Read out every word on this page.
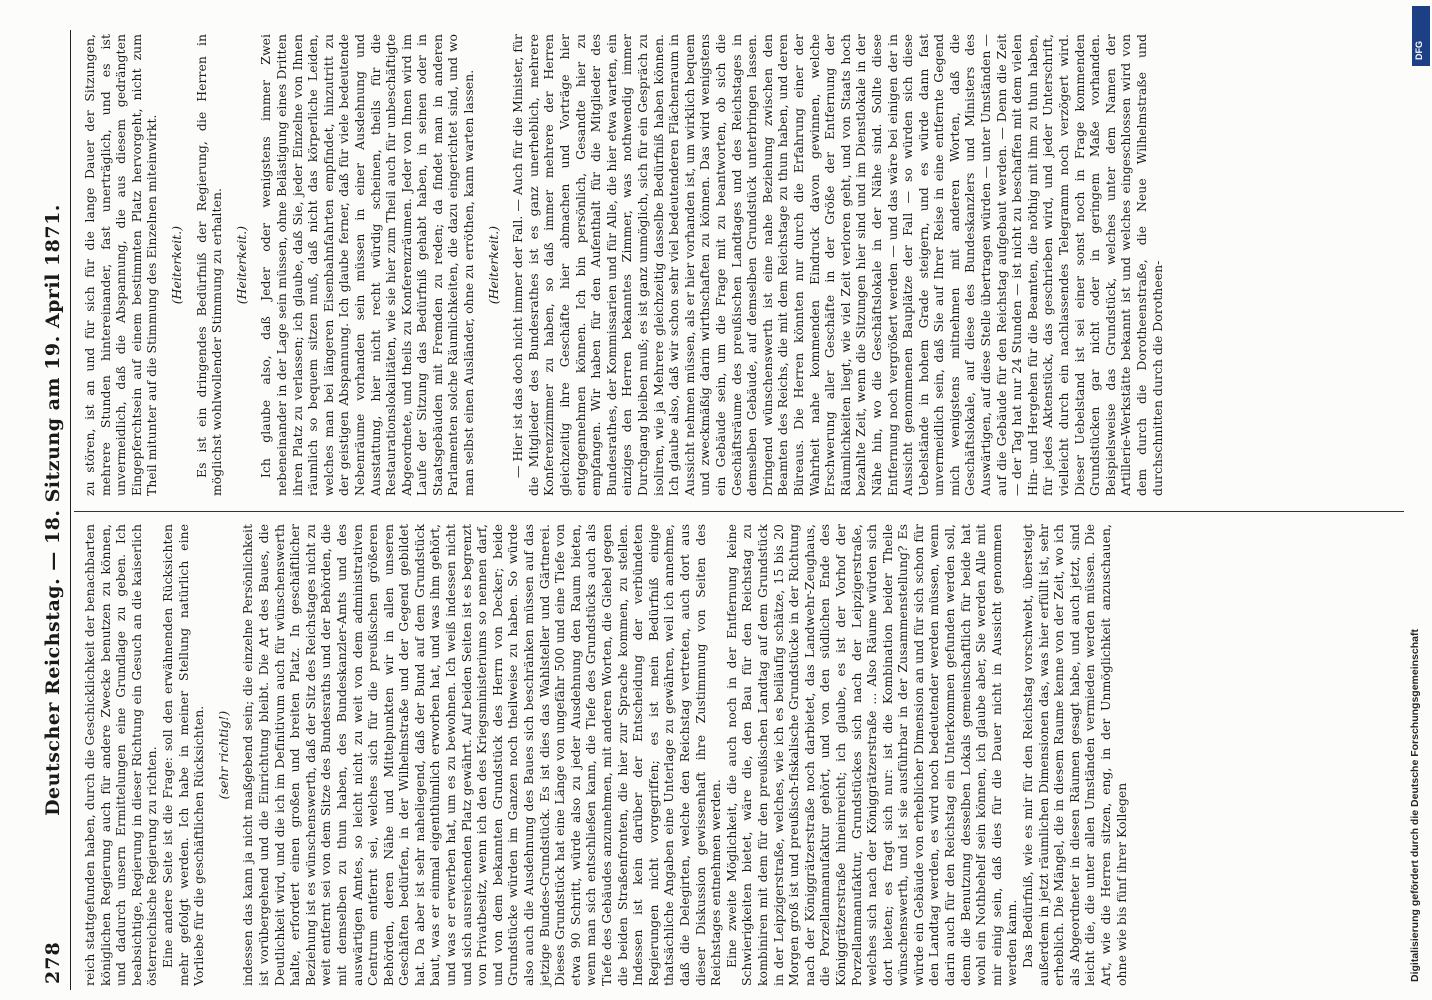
278
Deutscher Reichstag. — 18. Sitzung am 19. April 1871. reich stattgefunden haben, durch die Geschicklichkeit der benachbarten königlichen Regierung auch für andere Zwecke benutzen zu können, und dadurch unsern Ermittelungen eine Grundlage zu geben. Ich beabsichtige, Regierung in dieser Richtung ein Gesuch an die kaiserlich österreichische Regierung zu richten. Eine andere Seite ist die Frage: soll den erwähnenden Rücksichten mehr gefolgt werden. Ich habe in meiner Stellung natürlich eine Vorliebe für die geschäftlichen Rücksichten. (sehr richtig!) indessen das kann ja nicht maßgebend sein; die einzelne Persönlichkeit ist vorübergehend und die Einrichtung bleibt. Die Art des Baues, die Deutlichkeit wird, und die ich im Definitivum auch für wünschenswerth halte, erfordert einen großen und breiten Platz. In geschäftlicher Beziehung ist es wünschenswerth, daß der Sitz des Reichstages nicht zu weit entfernt sei von dem Sitze des Bundesraths und der Behörden, die mit demselben zu thun haben, des Bundeskanzler-Amts und des auswärtigen Amtes, so leicht nicht zu weit von dem administrativen Centrum entfernt sei, welches sich für die preußischen größeren Behörden, deren Nähe und Mittelpunkten wir in allen unseren Geschäften bedürfen, in der Wilhelmstraße und der Gegend gebildet hat. Da aber ist sehr naheliegend, daß der Bund auf dem Grundstück baut, was er einmal eigenthümlich erworben hat, und was ihm gehört, und was er erwerben hat, um es zu bewohnen. Ich weiß indessen nicht und sich ausreichenden Platz gewährt. Auf beiden Seiten ist es begrenzt von Privatbesitz, wenn ich den des Kriegsministeriums so nennen darf, und von dem bekannten Grundstück des Herrn von Decker; beide Grundstücke würden im Ganzen noch theilweise zu haben. So würde also auch die Ausdehnung des Baues sich beschränken müssen auf das jetzige Bundes-Grundstück. Es ist dies das Wahlsteller und Gärtnerei. Dieses Grundstück hat eine Länge von ungefähr 500 und eine Tiefe von etwa 90 Schritt, würde also zu jeder Ausdehnung den Raum bieten, wenn man sich entschließen kann, die Tiefe des Grundstücks auch als Tiefe des Gebäudes anzunehmen, mit anderen Worten, die Giebel gegen die beiden Straßenfronten, die hier zur Sprache kommen, zu stellen. Indessen ist kein darüber der Entscheidung der verbündeten Regierungen nicht vorgegriffen; es ist mein Bedürfniß einige thatsächliche Angaben eine Unterlage zu gewähren, weil ich annehme, daß die Delegirten, welche den Reichstag vertreten, auch dort aus dieser Diskussion gewissenhaft ihre Zustimmung von Seiten des Reichstages entnehmen werden. Eine zweite Möglichkeit, die auch noch in der Entfernung keine Schwierigkeiten bietet, wäre die, den Bau für den Reichstag zu kombiniren mit dem für den preußischen Landtag auf dem Grundstück in der Leipzigerstraße, welches, wie ich es beiläufig schätze, 15 bis 20 Morgen groß ist und preußisch-fiskalische Grundstücke in der Richtung nach der Königgrätzerstraße noch darbietet, das Landwehr-Zeughaus, die Porzellanmanufaktur gehört, und von den südlichen Ende des Königgrätzerstraße hineinreicht; ich glaube, es ist der Vorhof der Porzellanmanufaktur, Grundstückes sich nach der Leipzigerstraße, welches sich nach der Königgrätzerstraße ... Also Räume würden sich dort bieten; es fragt sich nur: ist die Kombination beider Theile wünschenswerth, und ist sie ausführbar in der Zusammenstellung? Es würde ein Gebäude von erheblicher Dimension an und für sich schon für den Landtag werden, es wird noch bedeutender werden müssen, wenn darin auch für den Reichstag ein Unterkommen gefunden werden soll, denn die Benutzung desselben Lokals gemeinschaftlich für beide hat wohl ein Nothbehelf sein können, ich glaube aber, Sie werden Alle mit mir einig sein, daß dies für die Dauer nicht in Aussicht genommen werden kann. Das Bedürfniß, wie es mir für den Reichstag vorschwebt, übersteigt außerdem in jetzt räumlichen Dimensionen das, was hier erfüllt ist, sehr erheblich. Die Mängel, die in diesem Raume kenne von der Zeit, wo ich als Abgeordneter in diesen Räumen gesagt habe, und auch jetzt, sind leicht die, die unter allen Umständen vermieden werden müssen. Die Art, wie die Herren sitzen, eng, in der Unmöglichkeit anzuschauen, ohne wie bis fünf ihrer Kollegen

zu stören, ist an und für sich für die lange Dauer der Sitzungen, mehrere Stunden hintereinander, fast unerträglich, und es ist unvermeidlich, daß die Abspannung, die aus diesem gedrängten Eingepferchtsein auf einem bestimmten Platz hervorgeht, nicht zum Theil mitunter auf die Stimmung des Einzelnen miteinwirkt. (Heiterkeit.) Es ist ein dringendes Bedürfniß der Regierung, die Herren in möglichst wohlwollender Stimmung zu erhalten. (Heiterkeit.) Ich glaube also, daß Jeder oder wenigstens immer Zwei nebeneinander in der Lage sein müssen, ohne Belästigung eines Dritten ihren Platz zu verlassen; ich glaube, daß Sie, jeder Einzelne von Ihnen räumlich so bequem sitzen muß, daß nicht das körperliche Leiden, welches man bei längeren Eisenbahnfahrten empfindet, hinzutritt zu der geistigen Abspannung. Ich glaube ferner, daß für viele bedeutende Nebenräume vorhanden sein müssen in einer Ausdehnung und Ausstattung, hier nicht recht würdig scheinen, theils für die Restaurationslokalitäten, wie sie hier zum Theil auch für unbeschäftigte Abgeordnete, und theils zu Konferenzräumen. Jeder von Ihnen wird im Laufe der Sitzung das Bedürfniß gehabt haben, in seinen oder in Staatsgebäuden mit Fremden zu reden; da findet man in anderen Parlamenten solche Räumlichkeiten, die dazu eingerichtet sind, und wo man selbst einen Ausländer, ohne zu erröthen, kann warten lassen. (Heiterkeit.) — Hier ist das doch nicht immer der Fall. — Auch für die Minister, für die Mitglieder des Bundesrathes ist es ganz unerheblich, mehrere Konferenzzimmer zu haben, so daß immer mehrere der Herren gleichzeitig ihre Geschäfte hier abmachen und Vorträge hier entgegennehmen können. Ich bin persönlich, Gesandte hier zu empfangen. Wir haben für den Aufenthalt für die Mitglieder des Bundesrathes, der Kommissarien und für Alle, die hier etwa warten, ein einziges den Herren bekanntes Zimmer, was nothwendig immer Durchgang bleiben muß; es ist ganz unmöglich, sich für ein Gespräch zu isoliren, wie ja Mehrere gleichzeitig dasselbe Bedürfniß haben können. Ich glaube also, daß wir schon sehr viel bedeutenderen Flächenraum in Aussicht nehmen müssen, als er hier vorhanden ist, um wirklich bequem und zweckmäßig darin wirthschaften zu können. Das wird wenigstens ein Gebäude sein, um die Frage mit zu beantworten, ob sich die Geschäftsräume des preußischen Landtages und des Reichstages in demselben Gebäude, auf demselben Grundstück unterbringen lassen. Dringend wünschenswerth ist eine nahe Beziehung zwischen den Beamten des Reichs, die mit dem Reichstage zu thun haben, und deren Büreaus. Die Herren könnten nur durch die Erfahrung einer der Wahrheit nahe kommenden Eindruck davon gewinnen, welche Erschwerung aller Geschäfte in der Größe der Entfernung der Räumlichkeiten liegt, wie viel Zeit verloren geht, und von Staats hoch bezahlte Zeit, wenn die Sitzungen hier sind und im Dienstlokale in der Nähe hin, wo die Geschäftslokale in der Nähe sind. Sollte diese Entfernung noch vergrößert werden — und das wäre bei einigen der in Aussicht genommenen Bauplätze der Fall — so würden sich diese Uebelstände in hohem Grade steigern, und es würde dann fast unvermeidlich sein, daß Sie auf Ihrer Reise in eine entfernte Gegend mich wenigstens mitnehmen mit anderen Worten, daß die Geschäftslokale, auf diese des Bundeskanzlers und Ministers des Auswärtigen, auf diese Stelle übertragen würden — unter Umständen — auf die Gebäude für den Reichstag aufgebaut werden. — Denn die Zeit — der Tag hat nur 24 Stunden — ist nicht zu beschaffen mit dem vielen Hin- und Hergehen für die Beamten, die nöthig mit ihm zu thun haben, für jedes Aktenstück, das geschrieben wird, und jeder Unterschrift, vielleicht durch ein nachlassendes Telegramm noch verzögert wird. Dieser Uebelstand ist sei einer sonst noch in Frage kommenden Grundstücken gar nicht oder in geringem Maße vorhanden. Beispielsweise das Grundstück, welches unter dem Namen der Artillerie-Werkstätte bekannt ist und welches eingeschlossen wird von dem durch die Dorotheenstraße, die Neue Wilhelmstraße und durchschnitten durch die Dorotheen-

Digitalisierung gefördert durch die Deutsche Forschungsgemeinschaft
DFG
